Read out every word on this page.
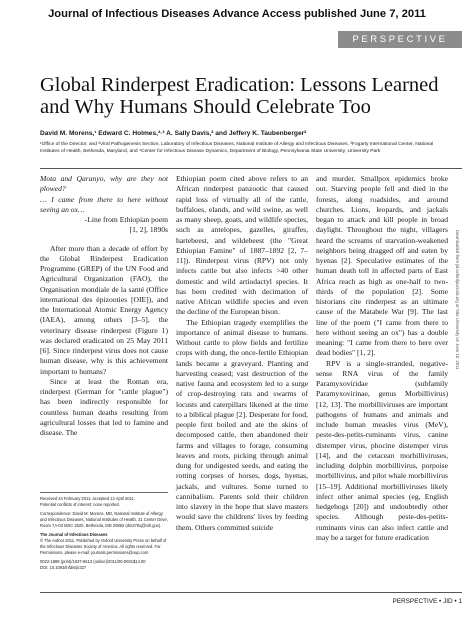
Journal of Infectious Diseases Advance Access published June 7, 2011
PERSPECTIVE
Global Rinderpest Eradication: Lessons Learned and Why Humans Should Celebrate Too
David M. Morens,¹ Edward C. Holmes,²·³ A. Sally Davis,² and Jeffery K. Taubenberger²
¹Office of the Director, and ²Viral Pathogenesis Section, Laboratory of Infectious Diseases, National Institute of Allergy and Infectious Diseases, ³Fogarty International Center, National Institutes of Health, Bethesda, Maryland, and ⁴Center for Infectious Disease Dynamics, Department of Biology, Pennsylvania State University, University Park

Mota and Qaranyo, why are they not plowed?

… I came from there to here without seeing an ox…

-Line from Ethiopian poem

[1, 2], 1890s

After more than a decade of effort by the Global Rinderpest Eradication Programme (GREP) of the UN Food and Agricultural Organization (FAO), the Organisation mondiale de la santé (Office international des épizooties [OIE]), and the International Atomic Energy Agency (IAEA), among others [3–5], the veterinary disease rinderpest (Figure 1) was declared eradicated on 25 May 2011 [6]. Since rinderpest virus does not cause human disease, why is this achievement important to humans?

Since at least the Roman era, rinderpest (German for "cattle plague") has been indirectly responsible for countless human deaths resulting from agricultural losses that led to famine and disease. The

Received 24 February 2011; accepted 12 April 2011.

Potential conflicts of interest: none reported.

Correspondence: David M. Morens, MD, National Institute of Allergy and Infectious Diseases, National Institutes of Health, 31 Center Drive, Room 7A-03 MSC 2520, Bethesda, MD 20892 (dm270q@nih.gov).

The Journal of Infectious Diseases

© The Author 2011. Published by Oxford University Press on behalf of the Infectious Diseases Society of America. All rights reserved. For Permissions, please e-mail: journals.permissions@oup.com

0022-1899 (print)/1537-6613 (online)/2011/00-0001$14.00

DOI: 10.1093/infdis/jir327

Ethiopian poem cited above refers to an African rinderpest panzootic that caused rapid loss of virtually all of the cattle, buffaloes, elands, and wild swine, as well as many sheep, goats, and wildlife species, such as antelopes, gazelles, giraffes, hartebeest, and wildebeest (the "Great Ethiopian Famine" of 1887–1892 [2, 7–11]). Rinderpest virus (RPV) not only infects cattle but also infects >40 other domestic and wild artiodactyl species. It has been credited with decimation of native African wildlife species and even the decline of the European bison.

The Ethiopian tragedy exemplifies the importance of animal disease to humans. Without cattle to plow fields and fertilize crops with dung, the once-fertile Ethiopian lands became a graveyard. Planting and harvesting ceased; vast destruction of the native fauna and ecosystem led to a surge of crop-destroying rats and swarms of locusts and caterpillars likened at the time to a biblical plague [2]. Desperate for food, people first boiled and ate the skins of decomposed cattle, then abandoned their farms and villages to forage, consuming leaves and roots, picking through animal dung for undigested seeds, and eating the rotting corpses of horses, dogs, hyenas, jackals, and vultures. Some turned to cannibalism. Parents sold their children into slavery in the hope that slave masters would save the childrens' lives by feeding them. Others committed suicide

and murder. Smallpox epidemics broke out. Starving people fell and died in the forests, along roadsides, and around churches. Lions, leopards, and jackals began to attack and kill people in broad daylight. Throughout the night, villagers heard the screams of starvation-weakened neighbors being dragged off and eaten by hyenas [2]. Speculative estimates of the human death toll in affected parts of East Africa reach as high as one-half to two-thirds of the population [2]. Some historians cite rinderpest as an ultimate cause of the Matabele War [9]. The last line of the poem ("I came from there to here without seeing an ox") has a double meaning: "I came from there to here over dead bodies" [1, 2].

RPV is a single-stranded, negative-sense RNA virus of the family Paramyxoviridae (subfamily Paramyxovirinae, genus Morbillivirus) [12, 13]. The morbilliviruses are important pathogens of humans and animals and include human measles virus (MeV), peste-des-petits-ruminants virus, canine distemper virus, phocine distemper virus [14], and the cetacean morbilliviruses, including dolphin morbillivirus, porpoise morbillivirus, and pilot whale morbillivirus [15–19]. Additional morbilliviruses likely infect other animal species (eg, English hedgehogs [20]) and undoubtedly other species. Although peste-des-petits-ruminants virus can also infect cattle and may be a target for future eradication

Downloaded from jid.oxfordjournals.org at Yale University on June 10, 2011
PERSPECTIVE • JID • 1
